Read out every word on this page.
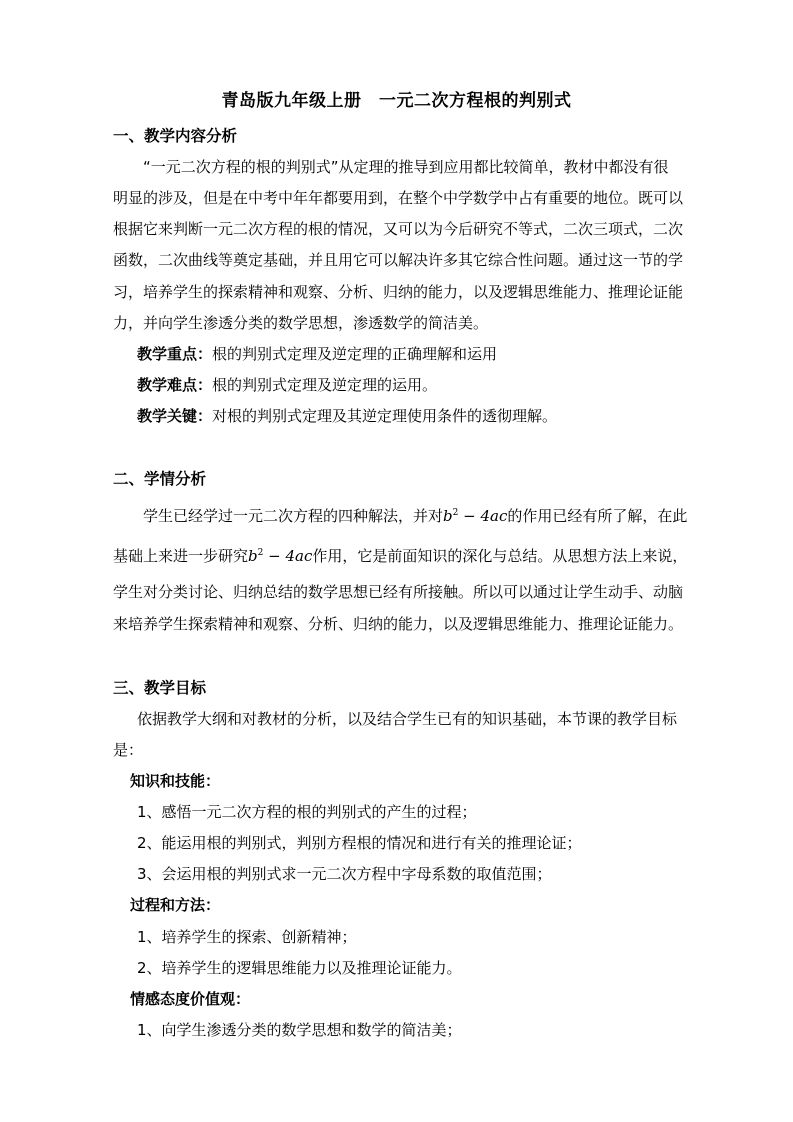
青岛版九年级上册　一元二次方程根的判别式
一、教学内容分析
“一元二次方程的根的判别式”从定理的推导到应用都比较简单，教材中都没有很
明显的涉及，但是在中考中年年都要用到，在整个中学数学中占有重要的地位。既可以
根据它来判断一元二次方程的根的情况，又可以为今后研究不等式，二次三项式，二次
函数，二次曲线等奠定基础，并且用它可以解决许多其它综合性问题。通过这一节的学
习，培养学生的探索精神和观察、分析、归纳的能力，以及逻辑思维能力、推理论证能
力，并向学生渗透分类的数学思想，渗透数学的简洁美。
教学重点：根的判别式定理及逆定理的正确理解和运用
教学难点：根的判别式定理及逆定理的运用。
教学关键：对根的判别式定理及其逆定理使用条件的透彻理解。
二、学情分析
学生已经学过一元二次方程的四种解法，并对$b^2 - 4ac$的作用已经有所了解，在此
基础上来进一步研究$b^2 - 4ac$作用，它是前面知识的深化与总结。从思想方法上来说，
学生对分类讨论、归纳总结的数学思想已经有所接触。所以可以通过让学生动手、动脑
来培养学生探索精神和观察、分析、归纳的能力，以及逻辑思维能力、推理论证能力。
三、教学目标
依据教学大纲和对教材的分析，以及结合学生已有的知识基础，本节课的教学目标
是：
知识和技能：
1、感悟一元二次方程的根的判别式的产生的过程；
2、能运用根的判别式，判别方程根的情况和进行有关的推理论证；
3、会运用根的判别式求一元二次方程中字母系数的取值范围；
过程和方法：
1、培养学生的探索、创新精神；
2、培养学生的逻辑思维能力以及推理论证能力。
情感态度价值观：
1、向学生渗透分类的数学思想和数学的简洁美；
